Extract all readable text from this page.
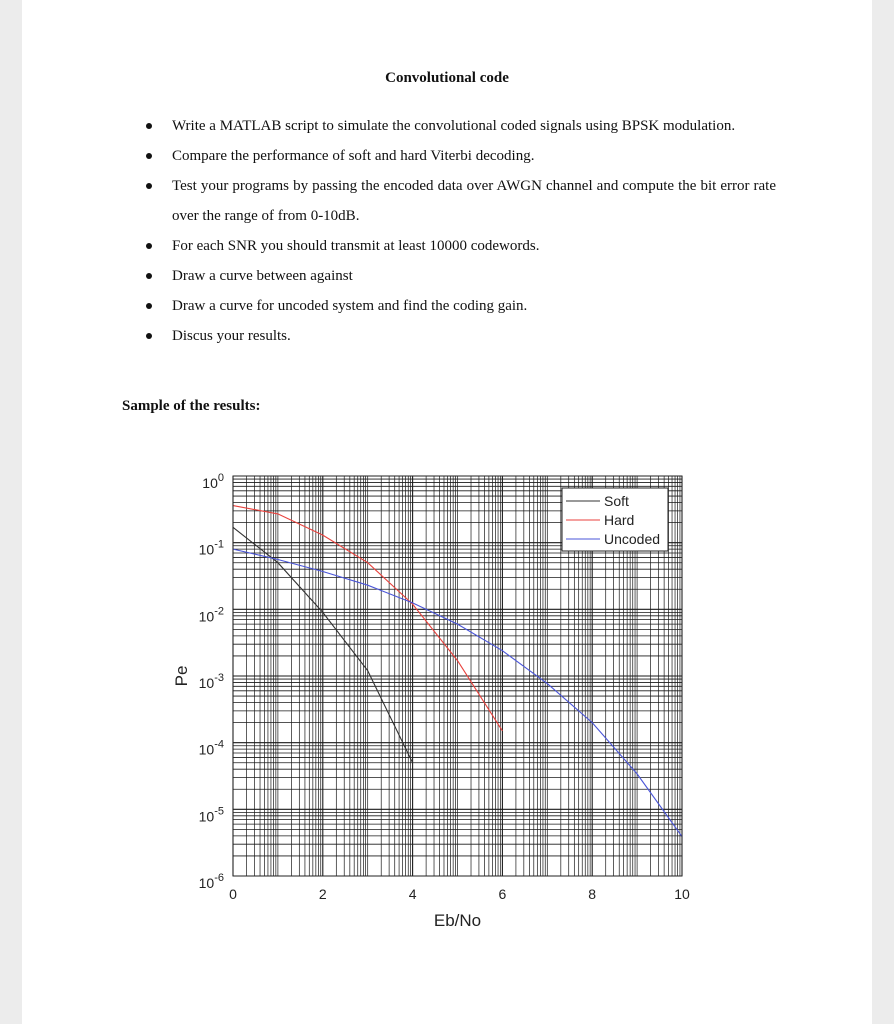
Convolutional code
Write a MATLAB script to simulate the convolutional coded signals using BPSK modulation.
Compare the performance of soft and hard Viterbi decoding.
Test your programs by passing the encoded data over AWGN channel and compute the bit error rate over the range of from 0-10dB.
For each SNR you should transmit at least 10000 codewords.
Draw a curve between against
Draw a curve for uncoded system and find the coding gain.
Discus your results.
Sample of the results:
0	2	4	6	8	10
$10^0$
$10^{-1}$
$10^{-2}$
$10^{-3}$
$10^{-4}$
$10^{-5}$
$10^{-6}$
Eb/No
Pe
Soft
Hard
Uncoded
